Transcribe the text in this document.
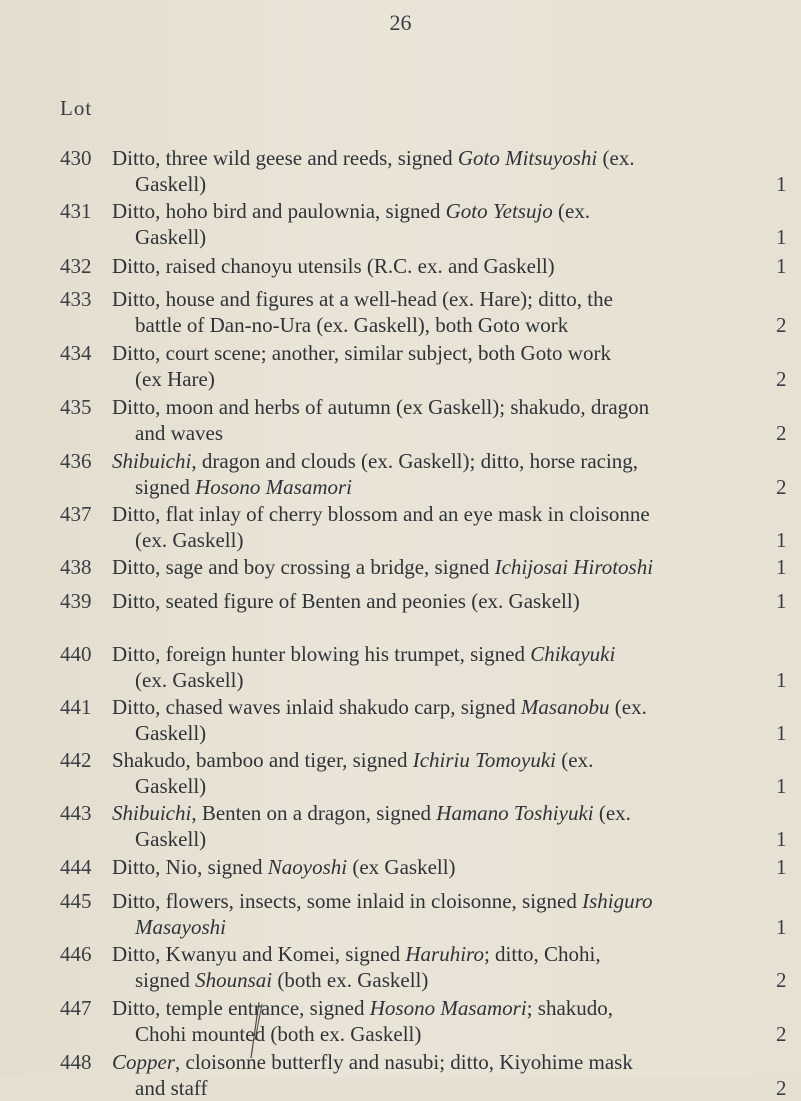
26
Lot
430 Ditto, three wild geese and reeds, signed Goto Mitsuyoshi (ex.
Gaskell)	1
431 Ditto, hoho bird and paulownia, signed Goto Yetsujo (ex.
Gaskell)	1
432 Ditto, raised chanoyu utensils (R.C. ex. and Gaskell)	1
433 Ditto, house and figures at a well-head (ex. Hare); ditto, the
battle of Dan-no-Ura (ex. Gaskell), both Goto work	2
434 Ditto, court scene; another, similar subject, both Goto work
(ex Hare)	2
435 Ditto, moon and herbs of autumn (ex Gaskell); shakudo, dragon
and waves	2
436 Shibuichi, dragon and clouds (ex. Gaskell); ditto, horse racing,
signed Hosono Masamori	2
437 Ditto, flat inlay of cherry blossom and an eye mask in cloisonne
(ex. Gaskell)	1
438 Ditto, sage and boy crossing a bridge, signed Ichijosai Hirotoshi	1
439 Ditto, seated figure of Benten and peonies (ex. Gaskell)	1
440 Ditto, foreign hunter blowing his trumpet, signed Chikayuki
(ex. Gaskell)	1
441 Ditto, chased waves inlaid shakudo carp, signed Masanobu (ex.
Gaskell)	1
442 Shakudo, bamboo and tiger, signed Ichiriu Tomoyuki (ex.
Gaskell)	1
443 Shibuichi, Benten on a dragon, signed Hamano Toshiyuki (ex.
Gaskell)	1
444 Ditto, Nio, signed Naoyoshi (ex Gaskell)	1
445 Ditto, flowers, insects, some inlaid in cloisonne, signed Ishiguro
Masayoshi	1
446 Ditto, Kwanyu and Komei, signed Haruhiro; ditto, Chohi,
signed Shounsai (both ex. Gaskell)	2
447 Ditto, temple entrance, signed Hosono Masamori; shakudo,
Chohi mounted (both ex. Gaskell)	2
448 Copper, cloisonne butterfly and nasubi; ditto, Kiyohime mask
and staff	2
